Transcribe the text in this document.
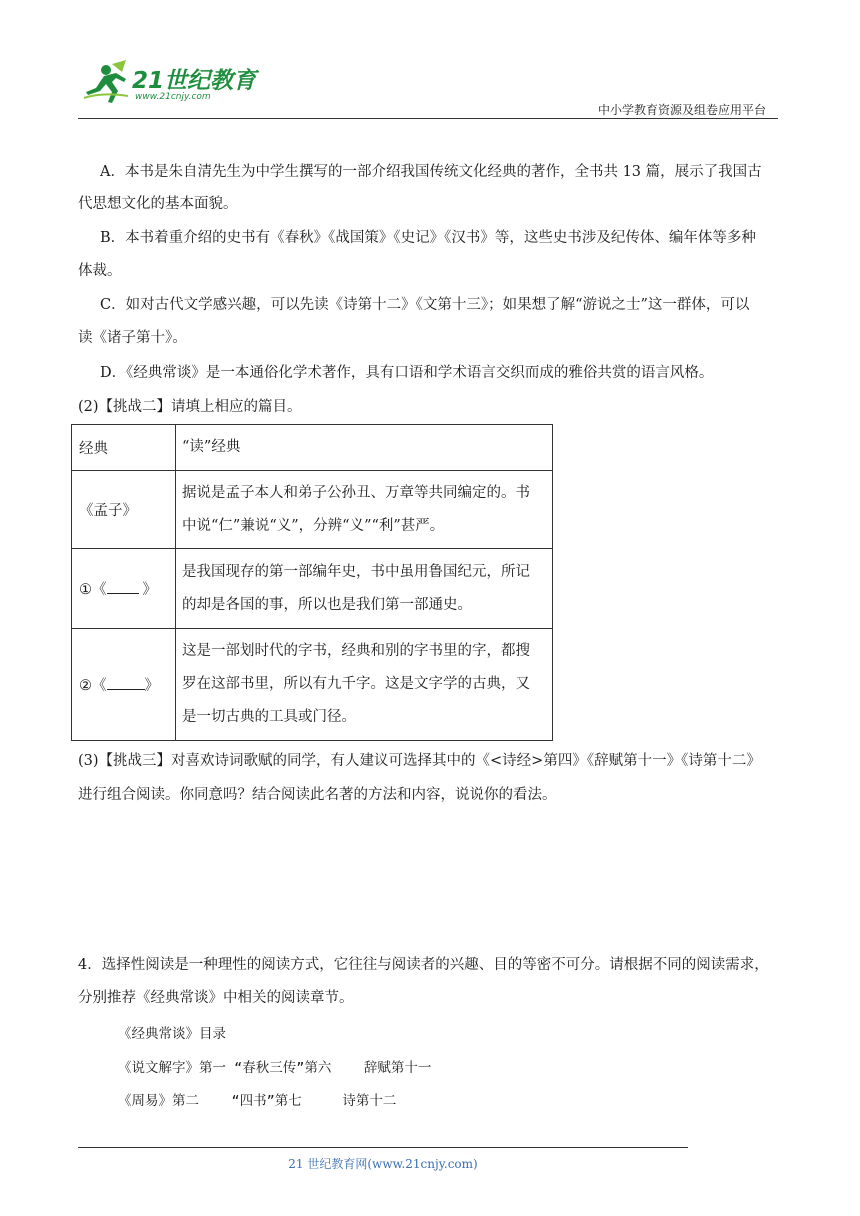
21世纪教育
www.21cnjy.com
中小学教育资源及组卷应用平台
A．本书是朱自清先生为中学生撰写的一部介绍我国传统文化经典的著作，全书共 13 篇，展示了我国古
代思想文化的基本面貌。
B．本书着重介绍的史书有《春秋》《战国策》《史记》《汉书》等，这些史书涉及纪传体、编年体等多种
体裁。
C．如对古代文学感兴趣，可以先读《诗第十二》《文第十三》；如果想了解“游说之士”这一群体，可以
读《诸子第十》。
D．《经典常谈》是一本通俗化学术著作，具有口语和学术语言交织而成的雅俗共赏的语言风格。
(2)【挑战二】请填上相应的篇目。
经典	“读”经典
《孟子》	据说是孟子本人和弟子公孙丑、万章等共同编定的。书
中说“仁”兼说“义”，分辨“义”“利”甚严。

①《 》	是我国现存的第一部编年史，书中虽用鲁国纪元，所记
的却是各国的事，所以也是我们第一部通史。

②《 》	这是一部划时代的字书，经典和别的字书里的字，都搜
罗在这部书里，所以有九千字。这是文字学的古典，又
是一切古典的工具或门径。
(3)【挑战三】对喜欢诗词歌赋的同学，有人建议可选择其中的《<诗经>第四》《辞赋第十一》《诗第十二》
进行组合阅读。你同意吗？结合阅读此名著的方法和内容，说说你的看法。
4．选择性阅读是一种理性的阅读方式，它往往与阅读者的兴趣、目的等密不可分。请根据不同的阅读需求，
分别推荐《经典常谈》中相关的阅读章节。
《经典常谈》目录
《说文解字》第一 “春秋三传”第六    辞赋第十一
《周易》第二    “四书”第七     诗第十二
21 世纪教育网(www.21cnjy.com)
